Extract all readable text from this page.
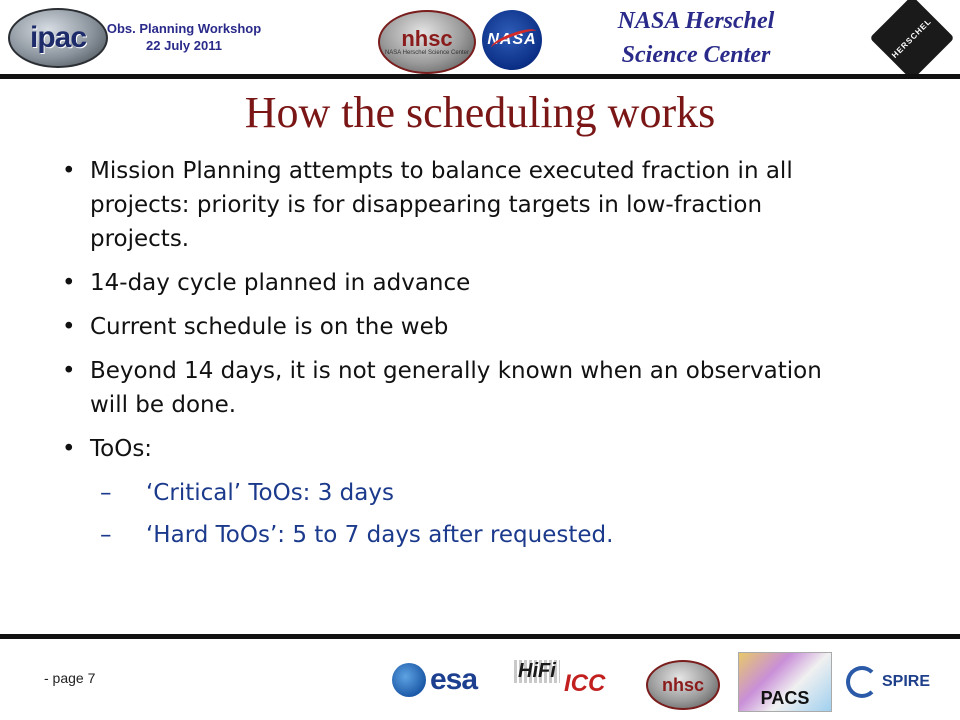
ipac Obs. Planning Workshop
22 July 2011	nhsc
NASA Herschel Science Center
NASA
NASA Herschel
Science Center	HERSCHEL
How the scheduling works
• Mission Planning attempts to balance executed fraction in all projects: priority is for disappearing targets in low-fraction projects.
• 14-day cycle planned in advance
• Current schedule is on the web
• Beyond 14 days, it is not generally known when an observation will be done.
• ToOs:
– ‘Critical’ ToOs: 3 days
– ‘Hard ToOs’: 5 to 7 days after requested.
- page 7	esa HiFi ICC	nhsc
PACS
SPIRE
